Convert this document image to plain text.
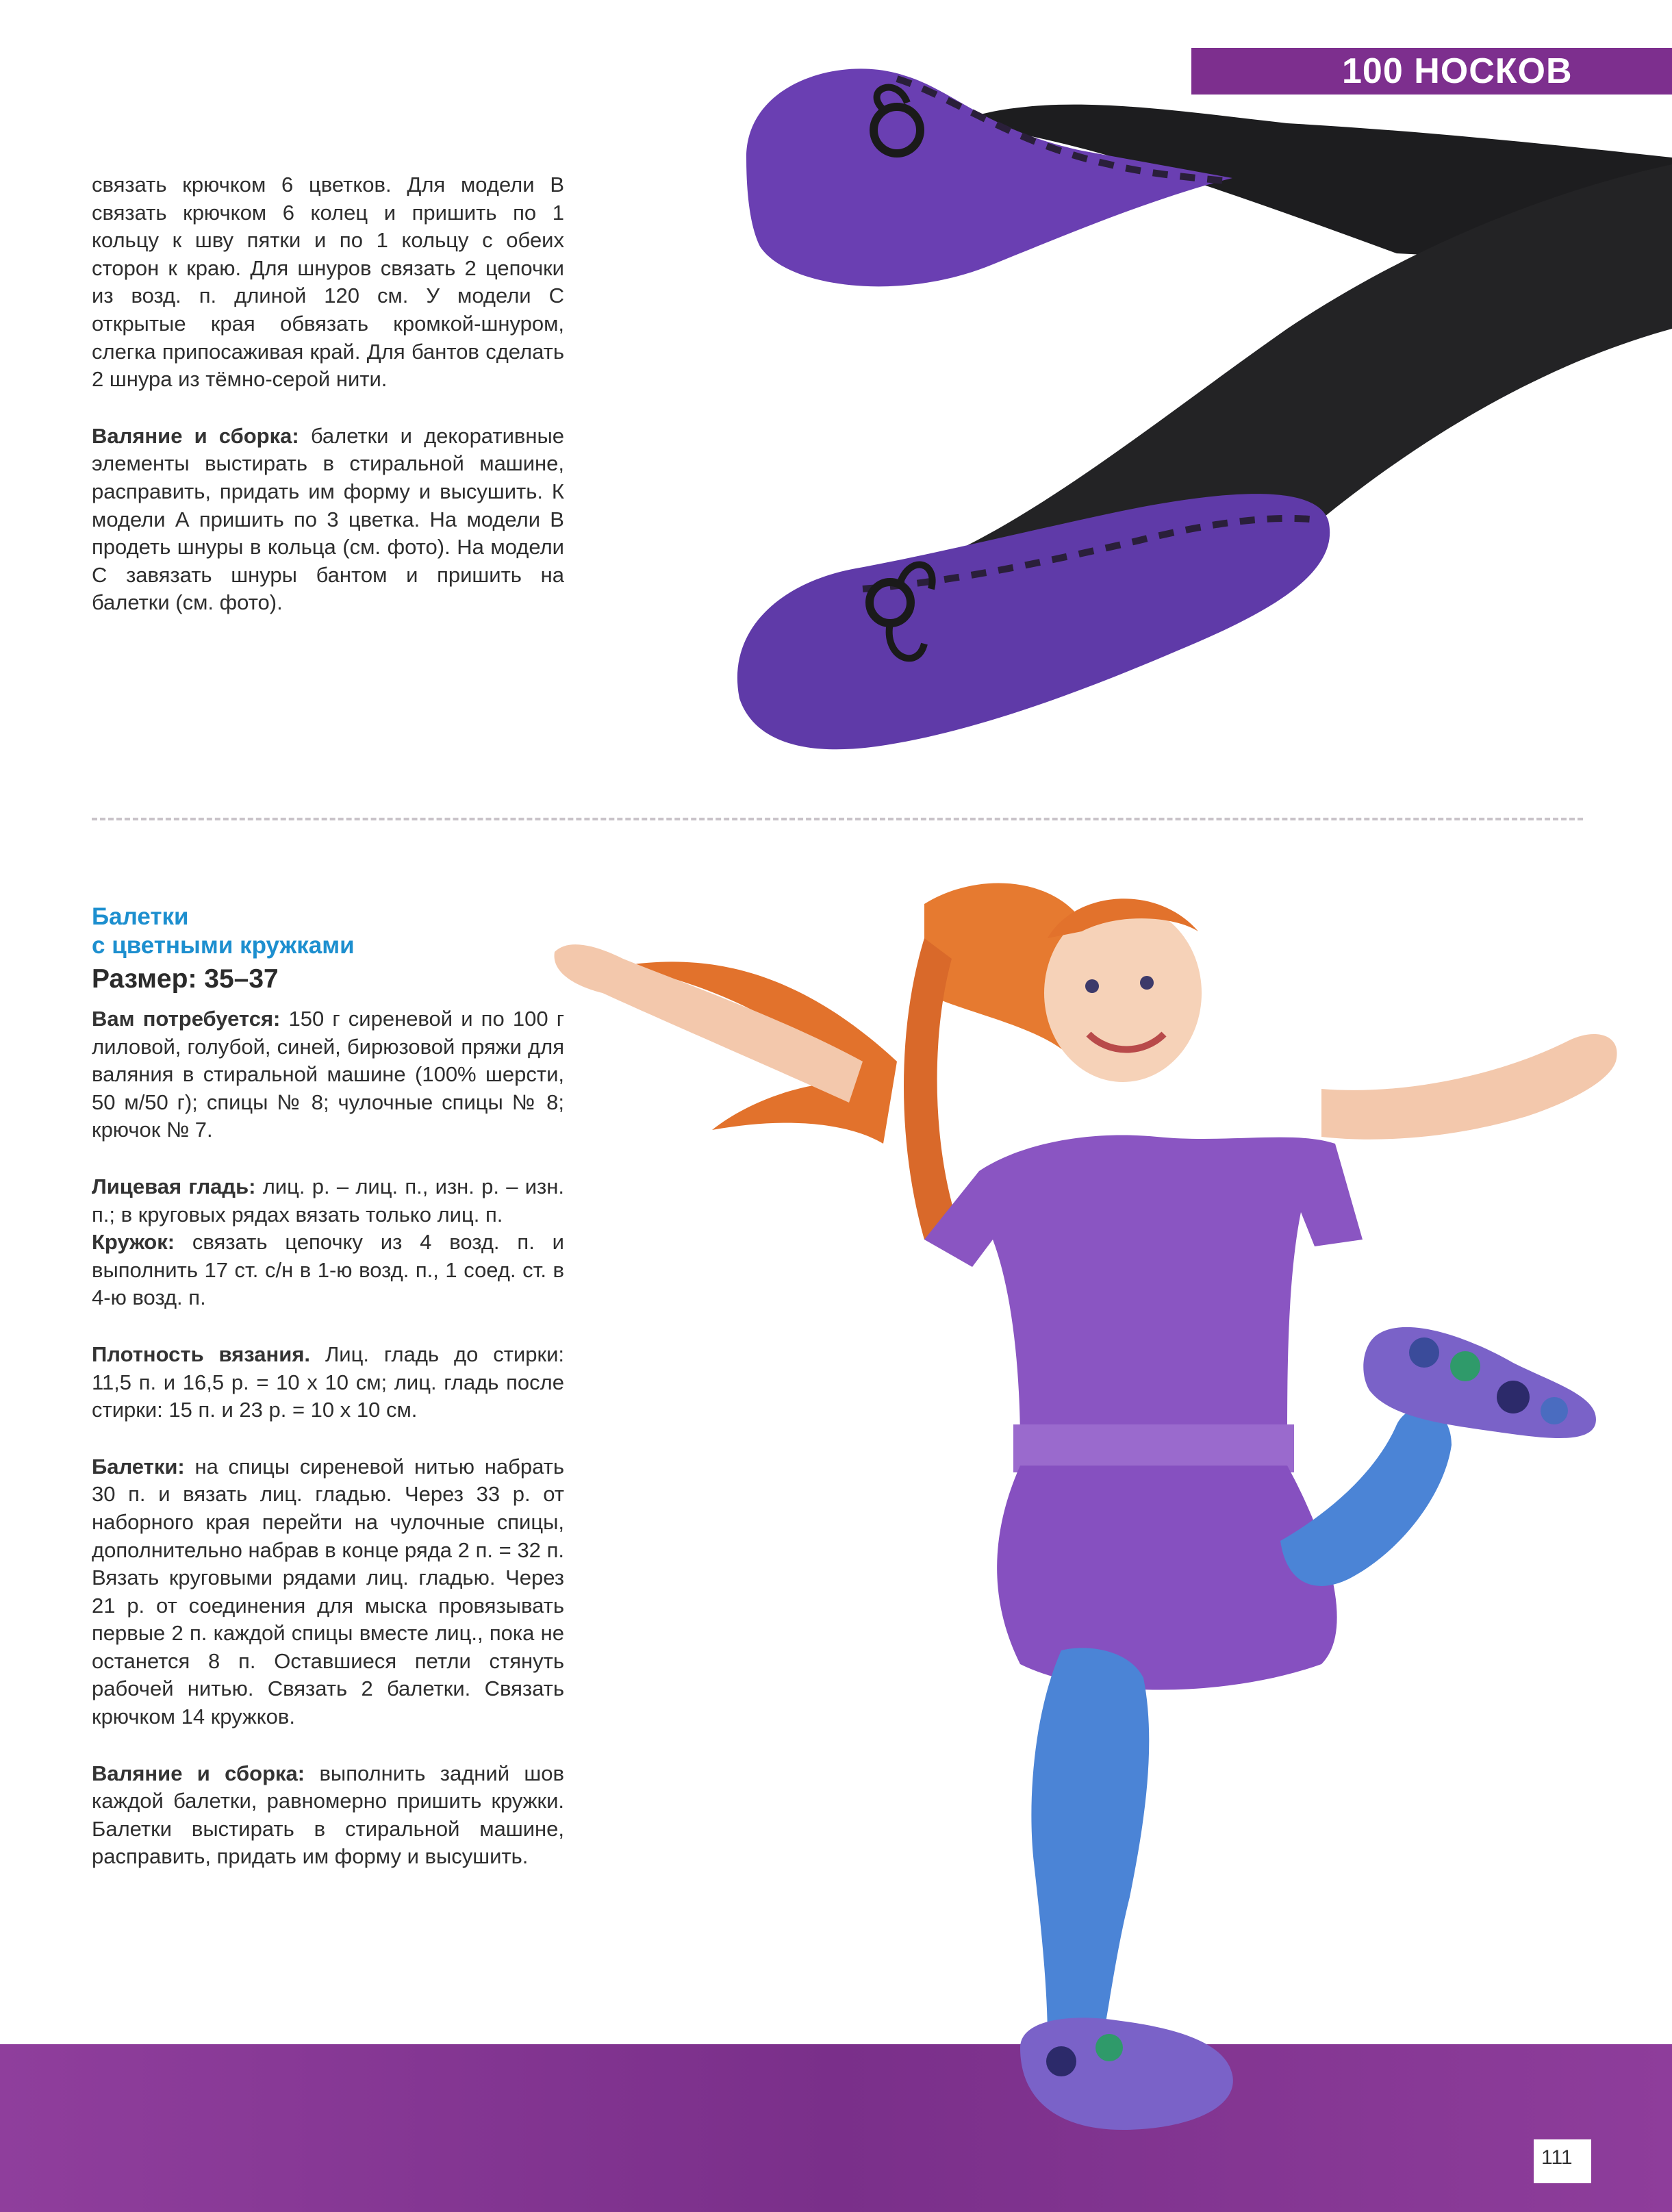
100 НОСКОВ

связать крючком 6 цветков. Для модели В связать крючком 6 колец и пришить по 1 кольцу к шву пятки и по 1 кольцу с обеих сторон к краю. Для шнуров связать 2 цепочки из возд. п. длиной 120 см. У модели С открытые края обвязать кромкой-шнуром, слегка припосаживая край. Для бантов сделать 2 шнура из тёмно-серой нити.

Валяние и сборка: балетки и декоративные элементы выстирать в стиральной машине, расправить, придать им форму и высушить. К модели А пришить по 3 цветка. На модели В продеть шнуры в кольца (см. фото). На модели С завязать шнуры бантом и пришить на балетки (см. фото).

Балетки
с цветными кружками
Размер: 35–37

Вам потребуется: 150 г сиреневой и по 100 г лиловой, голубой, синей, бирюзовой пряжи для валяния в стиральной машине (100% шерсти, 50 м/50 г); спицы № 8; чулочные спицы № 8; крючок № 7.

Лицевая гладь: лиц. р. – лиц. п., изн. р. – изн. п.; в круговых рядах вязать только лиц. п.

Кружок: связать цепочку из 4 возд. п. и выполнить 17 ст. с/н в 1-ю возд. п., 1 соед. ст. в 4-ю возд. п.

Плотность вязания. Лиц. гладь до стирки: 11,5 п. и 16,5 р. = 10 х 10 см; лиц. гладь после стирки: 15 п. и 23 р. = 10 х 10 см.

Балетки: на спицы сиреневой нитью набрать 30 п. и вязать лиц. гладью. Через 33 р. от наборного края перейти на чулочные спицы, дополнительно набрав в конце ряда 2 п. = 32 п. Вязать круговыми рядами лиц. гладью. Через 21 р. от соединения для мыска провязывать первые 2 п. каждой спицы вместе лиц., пока не останется 8 п. Оставшиеся петли стянуть рабочей нитью. Связать 2 балетки. Связать крючком 14 кружков.

Валяние и сборка: выполнить задний шов каждой балетки, равномерно пришить кружки. Балетки выстирать в стиральной машине, расправить, придать им форму и высушить.

111
